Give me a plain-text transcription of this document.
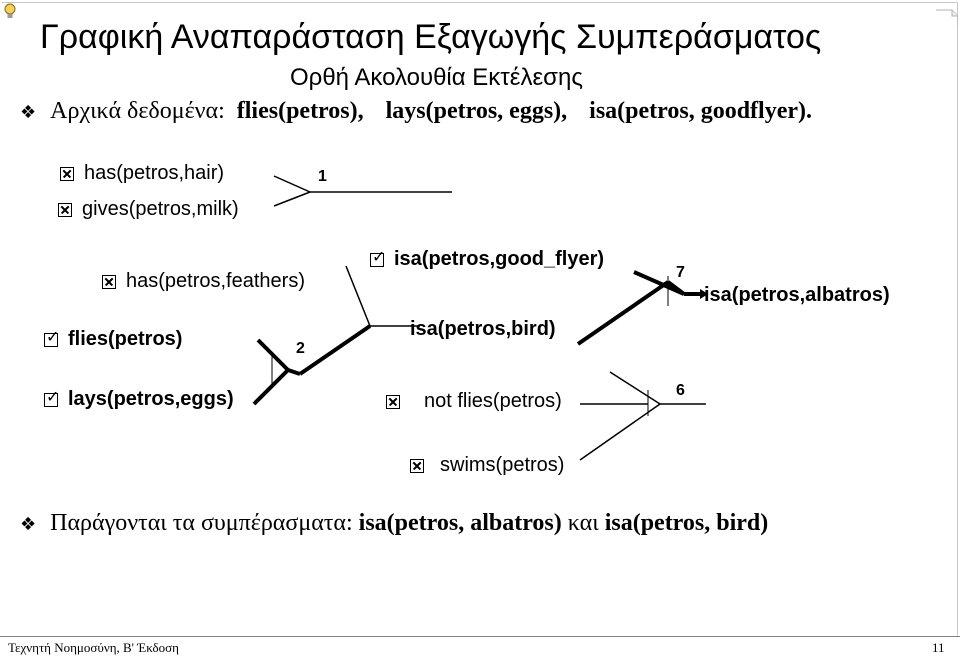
Γραφική Αναπαράσταση Εξαγωγής Συμπεράσματος
Ορθή Ακολουθία Εκτέλεσης
❖ Αρχικά δεδομένα: flies(petros), lays(petros, eggs), isa(petros, goodflyer).
has(petros,hair)
gives(petros,milk)
1
has(petros,feathers)
✓flies(petros)
✓lays(petros,eggs)
2
✓isa(petros,good_flyer)
isa(petros,bird)
not flies(petros)
swims(petros)
7
isa(petros,albatros)
6
❖ Παράγονται τα συμπέρασματα: isa(petros, albatros) και isa(petros, bird)
Τεχνητή Νοημοσύνη, Β' Έκδοση	11
